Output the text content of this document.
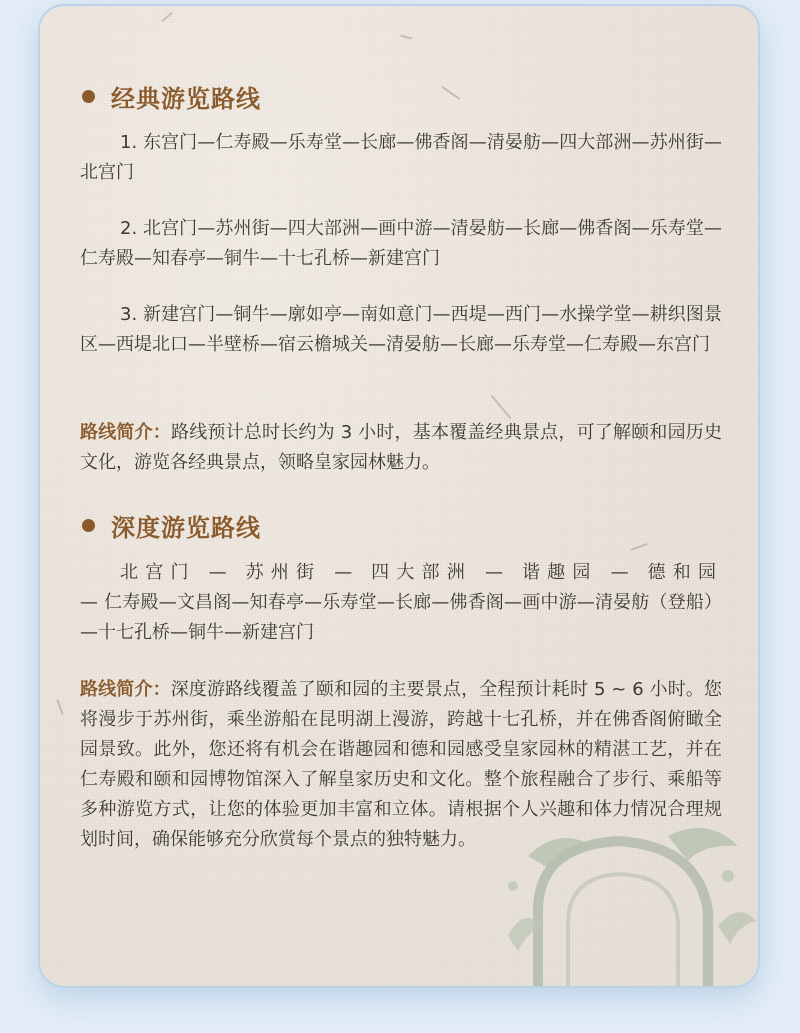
经典游览路线
1. 东宫门—仁寿殿—乐寿堂—长廊—佛香阁—清晏舫—四大部洲—苏州街—北宫门
2. 北宫门—苏州街—四大部洲—画中游—清晏舫—长廊—佛香阁—乐寿堂—仁寿殿—知春亭—铜牛—十七孔桥—新建宫门
3. 新建宫门—铜牛—廓如亭—南如意门—西堤—西门—水操学堂—耕织图景区—西堤北口—半壁桥—宿云檐城关—清晏舫—长廊—乐寿堂—仁寿殿—东宫门
路线简介：路线预计总时长约为 3 小时，基本覆盖经典景点，可了解颐和园历史文化，游览各经典景点，领略皇家园林魅力。
深度游览路线
北宫门 — 苏州街 — 四大部洲 — 谐趣园 — 德和园 —仁寿殿—文昌阁—知春亭—乐寿堂—长廊—佛香阁—画中游—清晏舫（登船）—十七孔桥—铜牛—新建宫门
路线简介：深度游路线覆盖了颐和园的主要景点，全程预计耗时 5 ~ 6 小时。您将漫步于苏州街，乘坐游船在昆明湖上漫游，跨越十七孔桥，并在佛香阁俯瞰全园景致。此外，您还将有机会在谐趣园和德和园感受皇家园林的精湛工艺，并在仁寿殿和颐和园博物馆深入了解皇家历史和文化。整个旅程融合了步行、乘船等多种游览方式，让您的体验更加丰富和立体。请根据个人兴趣和体力情况合理规划时间，确保能够充分欣赏每个景点的独特魅力。
